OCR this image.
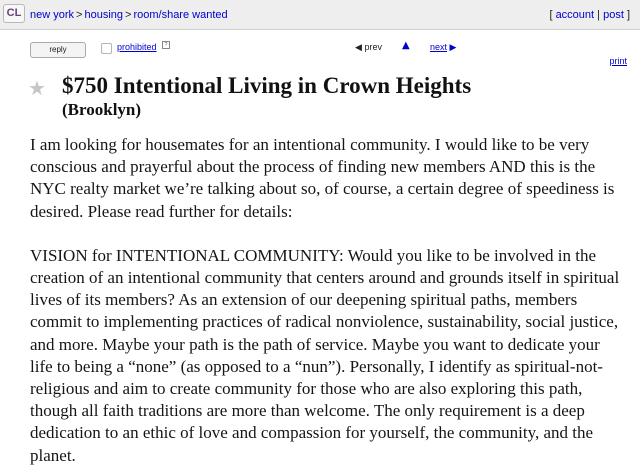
CL new york > housing > room/share wanted	[ account | post ]
reply	prohibited	?	◀ prev ▲ next ▶
print
★ $750 Intentional Living in Crown Heights
(Brooklyn)

I am looking for housemates for an intentional community. I would like to be very conscious and prayerful about the process of finding new members AND this is the NYC realty market we’re talking about so, of course, a certain degree of speediness is desired. Please read further for details:

VISION for INTENTIONAL COMMUNITY: Would you like to be involved in the creation of an intentional community that centers around and grounds itself in spiritual lives of its members? As an extension of our deepening spiritual paths, members commit to implementing practices of radical nonviolence, sustainability, social justice, and more. Maybe your path is the path of service. Maybe you want to dedicate your life to being a “none” (as opposed to a “nun”). Personally, I identify as spiritual-not-religious and aim to create community for those who are also exploring this path, though all faith traditions are more than welcome. The only requirement is a deep dedication to an ethic of love and compassion for yourself, the community, and the planet.
